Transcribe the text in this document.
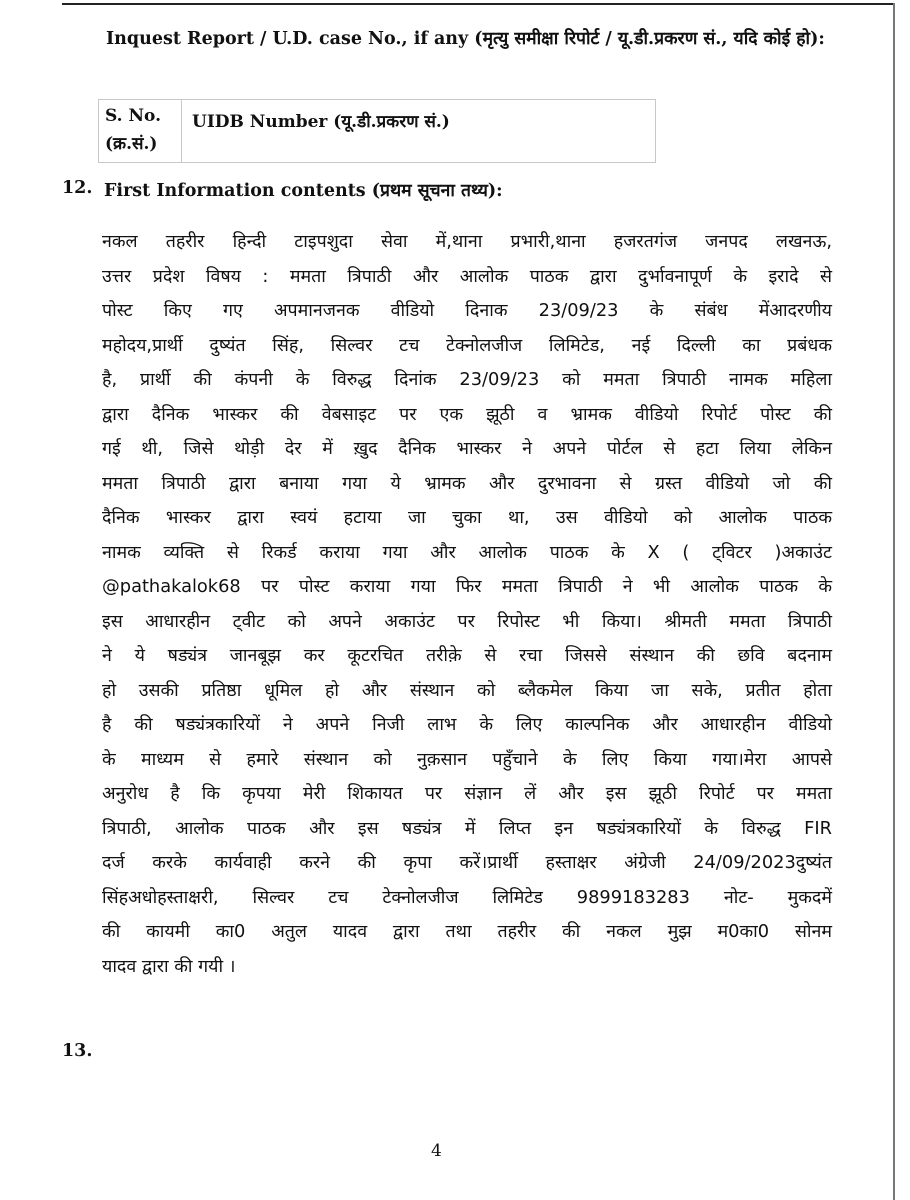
Inquest Report / U.D. case No., if any (मृत्यु समीक्षा रिपोर्ट / यू.डी.प्रकरण सं., यदि कोई हो):
S. No. (क्र.सं.)
UIDB Number (यू.डी.प्रकरण सं.)
12. First Information contents (प्रथम सूचना तथ्य):
नकल तहरीर हिन्दी टाइपशुदा सेवा में,थाना प्रभारी,थाना हजरतगंज जनपद लखनऊ,
उत्तर प्रदेश विषय : ममता त्रिपाठी और आलोक पाठक द्वारा दुर्भावनापूर्ण के इरादे से
पोस्ट किए गए अपमानजनक वीडियो दिनाक 23/09/23 के संबंध मेंआदरणीय
महोदय,प्रार्थी दुष्यंत सिंह, सिल्वर टच टेक्नोलजीज लिमिटेड, नई दिल्ली का प्रबंधक
है, प्रार्थी की कंपनी के विरुद्ध दिनांक 23/09/23 को ममता त्रिपाठी नामक महिला
द्वारा दैनिक भास्कर की वेबसाइट पर एक झूठी व भ्रामक वीडियो रिपोर्ट पोस्ट की
गई थी, जिसे थोड़ी देर में ख़ुद दैनिक भास्कर ने अपने पोर्टल से हटा लिया लेकिन
ममता त्रिपाठी द्वारा बनाया गया ये भ्रामक और दुरभावना से ग्रस्त वीडियो जो की
दैनिक भास्कर द्वारा स्वयं हटाया जा चुका था, उस वीडियो को आलोक पाठक
नामक व्यक्ति से रिकर्ड कराया गया और आलोक पाठक के X ( ट्विटर )अकाउंट
@pathakalok68 पर पोस्ट कराया गया फिर ममता त्रिपाठी ने भी आलोक पाठक के
इस आधारहीन ट्वीट को अपने अकाउंट पर रिपोस्ट भी किया। श्रीमती ममता त्रिपाठी
ने ये षड्यंत्र जानबूझ कर कूटरचित तरीक़े से रचा जिससे संस्थान की छवि बदनाम
हो उसकी प्रतिष्ठा धूमिल हो और संस्थान को ब्लैकमेल किया जा सके, प्रतीत होता
है की षड्यंत्रकारियों ने अपने निजी लाभ के लिए काल्पनिक और आधारहीन वीडियो
के माध्यम से हमारे संस्थान को नुक़सान पहुँचाने के लिए किया गया।मेरा आपसे
अनुरोध है कि कृपया मेरी शिकायत पर संज्ञान लें और इस झूठी रिपोर्ट पर ममता
त्रिपाठी, आलोक पाठक और इस षड्यंत्र में लिप्त इन षड्यंत्रकारियों के विरुद्ध FIR
दर्ज करके कार्यवाही करने की कृपा करें।प्रार्थी हस्ताक्षर अंग्रेजी 24/09/2023दुष्यंत
सिंहअधोहस्ताक्षरी, सिल्वर टच टेक्नोलजीज लिमिटेड 9899183283 नोट- मुकदमें
की कायमी का0 अतुल यादव द्वारा तथा तहरीर की नकल मुझ म0का0 सोनम
यादव द्वारा की गयी ।
13.
4
